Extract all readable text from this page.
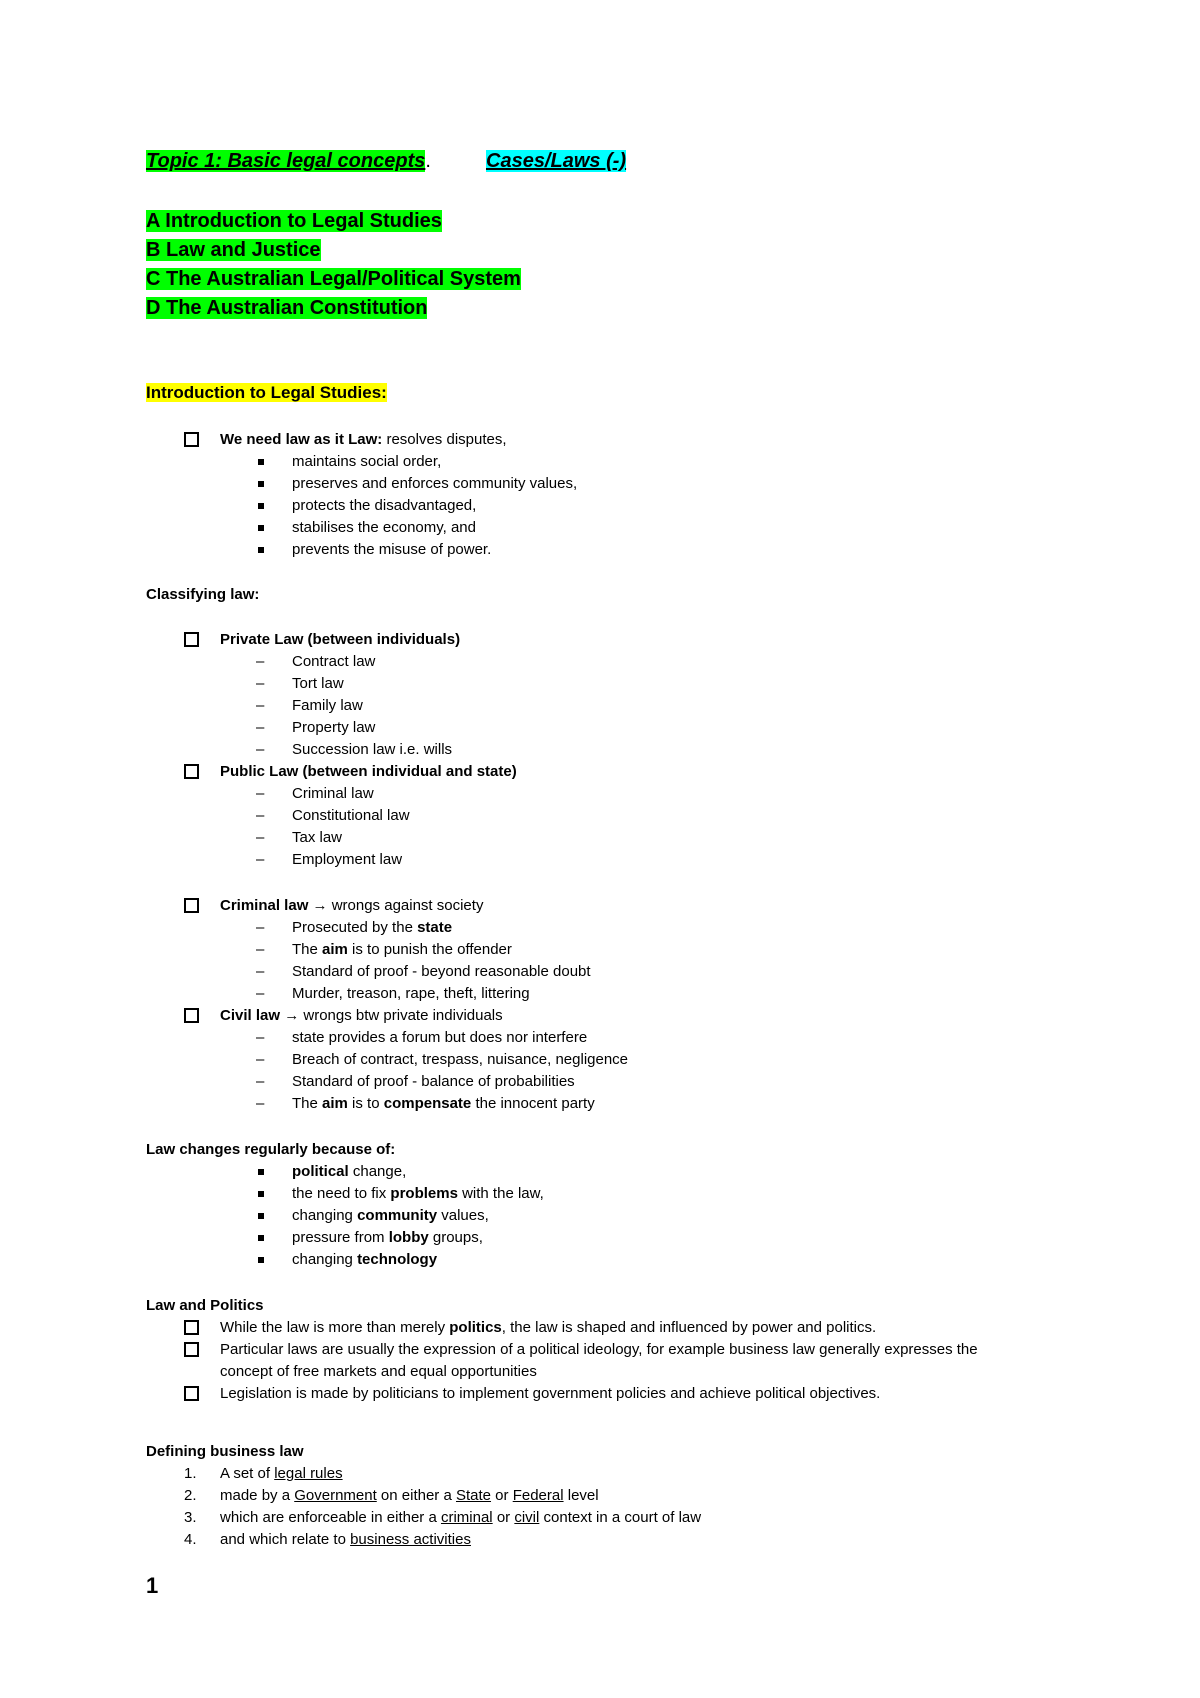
Topic 1: Basic legal concepts.	Cases/Laws (-)
A Introduction to Legal Studies
B Law and Justice
C The Australian Legal/Political System
D The Australian Constitution
Introduction to Legal Studies:
We need law as it Law: resolves disputes,
maintains social order,
preserves and enforces community values,
protects the disadvantaged,
stabilises the economy, and
prevents the misuse of power.
Classifying law:
Private Law (between individuals)
– Contract law
– Tort law
– Family law
– Property law
– Succession law i.e. wills
Public Law (between individual and state)
– Criminal law
– Constitutional law
– Tax law
– Employment law
Criminal law → wrongs against society
– Prosecuted by the state
– The aim is to punish the offender
– Standard of proof - beyond reasonable doubt
– Murder, treason, rape, theft, littering
Civil law → wrongs btw private individuals
– state provides a forum but does nor interfere
– Breach of contract, trespass, nuisance, negligence
– Standard of proof - balance of probabilities
– The aim is to compensate the innocent party
Law changes regularly because of:
political change,
the need to fix problems with the law,
changing community values,
pressure from lobby groups,
changing technology
Law and Politics
While the law is more than merely politics, the law is shaped and influenced by power and politics.
Particular laws are usually the expression of a political ideology, for example business law generally expresses the
concept of free markets and equal opportunities
Legislation is made by politicians to implement government policies and achieve political objectives.
Defining business law
1. A set of legal rules
2. made by a Government on either a State or Federal level
3. which are enforceable in either a criminal or civil context in a court of law
4. and which relate to business activities
1
